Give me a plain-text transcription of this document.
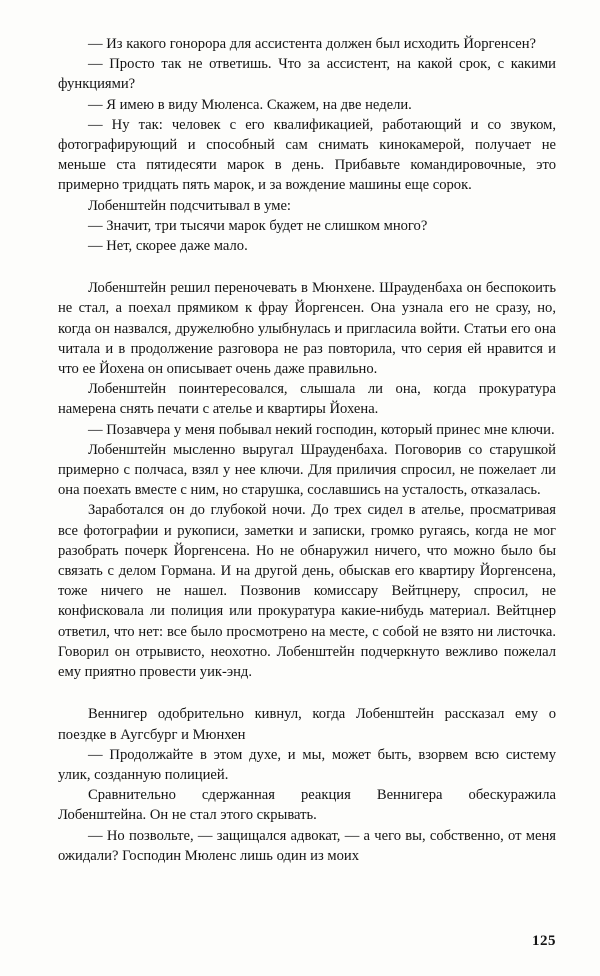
— Из какого гонорора для ассистента должен был исходить Йоргенсен?

— Просто так не ответишь. Что за ассистент, на какой срок, с какими функциями?

— Я имею в виду Мюленса. Скажем, на две недели.

— Ну так: человек с его квалификацией, работающий и со звуком, фотографирующий и способный сам снимать кинокамерой, получает не меньше ста пятидесяти марок в день. Прибавьте командировочные, это примерно тридцать пять марок, и за вождение машины еще сорок.

Лобенштейн подсчитывал в уме:

— Значит, три тысячи марок будет не слишком много?

— Нет, скорее даже мало.

Лобенштейн решил переночевать в Мюнхене. Шрауденбаха он беспокоить не стал, а поехал прямиком к фрау Йоргенсен. Она узнала его не сразу, но, когда он назвался, дружелюбно улыбнулась и пригласила войти. Статьи его она читала и в продолжение разговора не раз повторила, что серия ей нравится и что ее Йохена он описывает очень даже правильно.

Лобенштейн поинтересовался, слышала ли она, когда прокуратура намерена снять печати с ателье и квартиры Йохена.

— Позавчера у меня побывал некий господин, который принес мне ключи.

Лобенштейн мысленно выругал Шрауденбаха. Поговорив со старушкой примерно с полчаса, взял у нее ключи. Для приличия спросил, не пожелает ли она поехать вместе с ним, но старушка, сославшись на усталость, отказалась.

Заработался он до глубокой ночи. До трех сидел в ателье, просматривая все фотографии и рукописи, заметки и записки, громко ругаясь, когда не мог разобрать почерк Йоргенсена. Но не обнаружил ничего, что можно было бы связать с делом Гормана. И на другой день, обыскав его квартиру Йоргенсена, тоже ничего не нашел. Позвонив комиссару Вейтцнеру, спросил, не конфисковала ли полиция или прокуратура какие-нибудь материал. Вейтцнер ответил, что нет: все было просмотрено на месте, с собой не взято ни листочка. Говорил он отрывисто, неохотно. Лобенштейн подчеркнуто вежливо пожелал ему приятно провести уик-энд.

Веннигер одобрительно кивнул, когда Лобенштейн рассказал ему о поездке в Аугсбург и Мюнхен

— Продолжайте в этом духе, и мы, может быть, взорвем всю систему улик, созданную полицией.

Сравнительно сдержанная реакция Веннигера обескуражила Лобенштейна. Он не стал этого скрывать.

— Но позвольте, — защищался адвокат, — а чего вы, собственно, от меня ожидали? Господин Мюленс лишь один из моих

125
